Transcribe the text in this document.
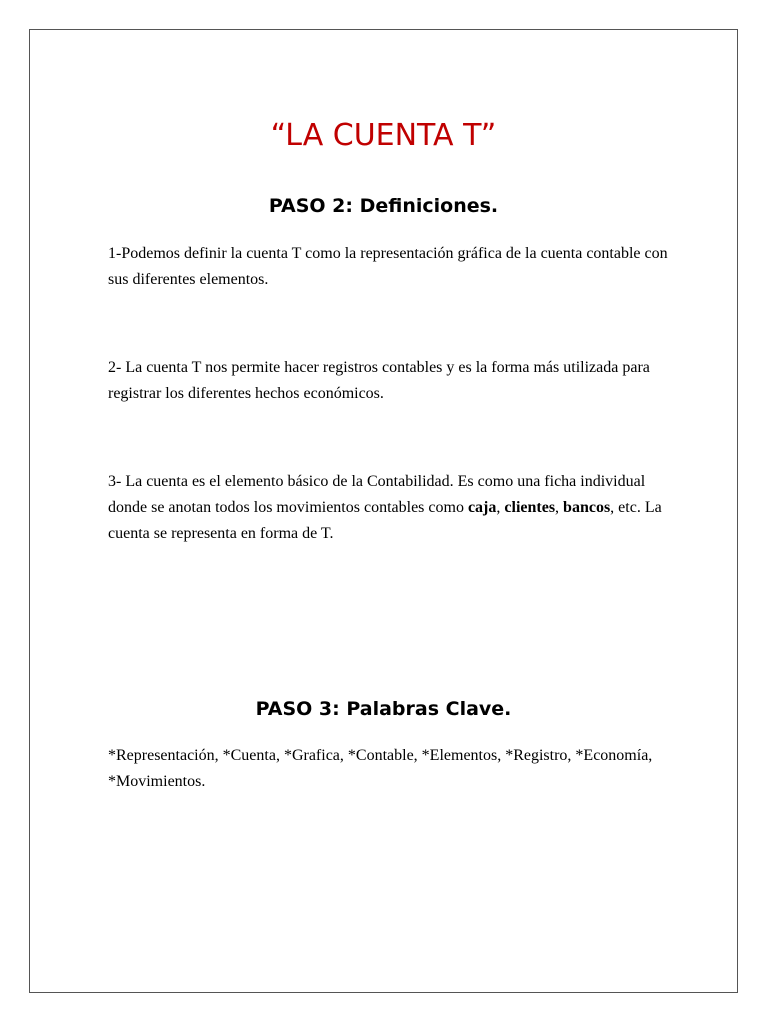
“LA CUENTA T”
PASO 2: Definiciones.

1-Podemos definir la cuenta T como la representación gráfica de la cuenta contable con sus diferentes elementos.

2- La cuenta T nos permite hacer registros contables y es la forma más utilizada para registrar los diferentes hechos económicos.

3- La cuenta es el elemento básico de la Contabilidad. Es como una ficha individual donde se anotan todos los movimientos contables como caja, clientes, bancos, etc. La cuenta se representa en forma de T.

PASO 3: Palabras Clave.

*Representación, *Cuenta, *Grafica, *Contable, *Elementos, *Registro, *Economía, *Movimientos.
